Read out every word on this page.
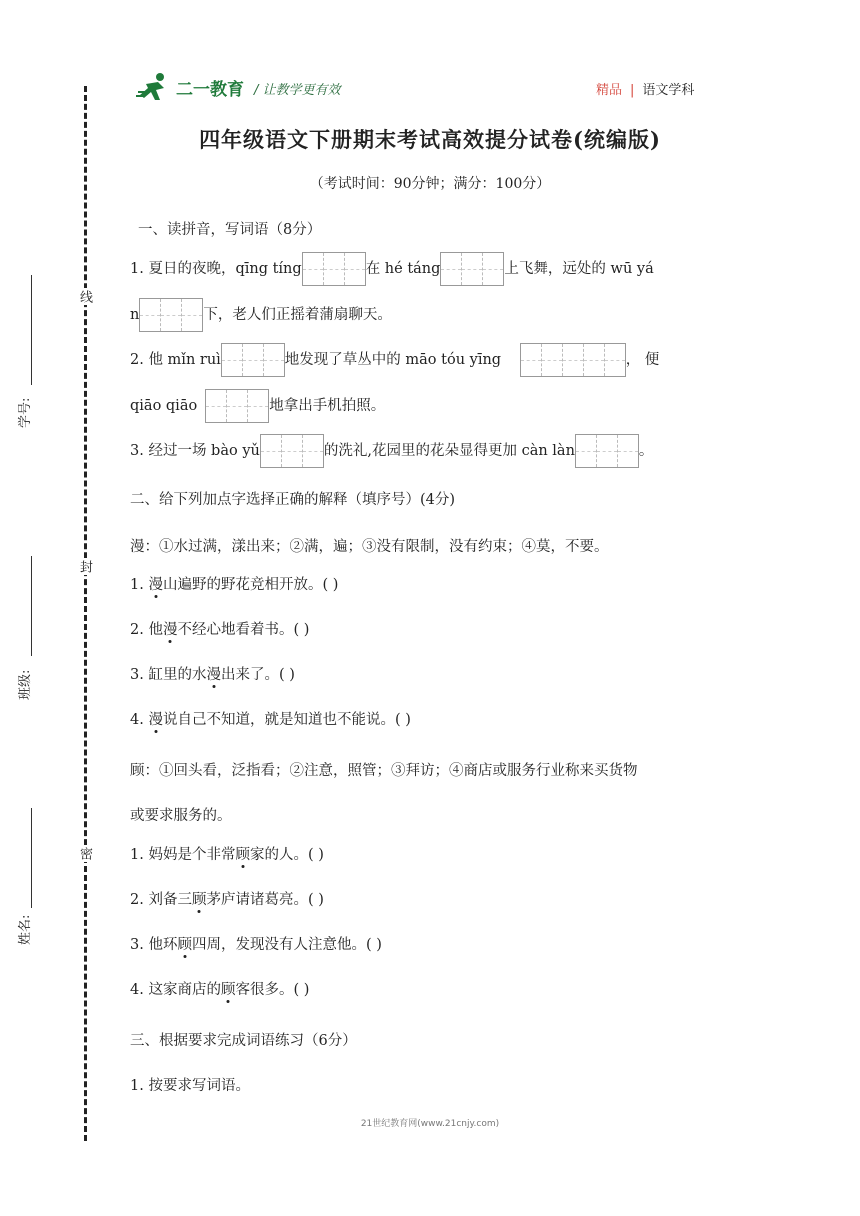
线
封
密
学号:
班级:
姓名:
二一教育 / 让教学更有效	精品 | 语文学科
四年级语文下册期末考试高效提分试卷(统编版)
（考试时间：90分钟；满分：100分）
一、读拼音，写词语（8分）
1. 夏日的夜晚，qīng tíng	在 hé táng	上飞舞，远处的 wū yá
n	下，老人们正摇着蒲扇聊天。
2. 他 mǐn ruì	地发现了草丛中的 māo tóu yīng	， 便
qiāo qiāo	地拿出手机拍照。
3. 经过一场 bào yǔ	的洗礼,花园里的花朵显得更加 càn làn	。
二、给下列加点字选择正确的解释（填序号）(4分)
漫：①水过满，漾出来；②满，遍；③没有限制，没有约束；④莫，不要。
1. 漫山遍野的野花竞相开放。( )
2. 他漫不经心地看着书。( )
3. 缸里的水漫出来了。( )
4. 漫说自己不知道，就是知道也不能说。( )
顾：①回头看，泛指看；②注意，照管；③拜访；④商店或服务行业称来买货物
或要求服务的。
1. 妈妈是个非常顾家的人。( )
2. 刘备三顾茅庐请诸葛亮。( )
3. 他环顾四周，发现没有人注意他。( )
4. 这家商店的顾客很多。( )
三、根据要求完成词语练习（6分）
1. 按要求写词语。
21世纪教育网(www.21cnjy.com)
